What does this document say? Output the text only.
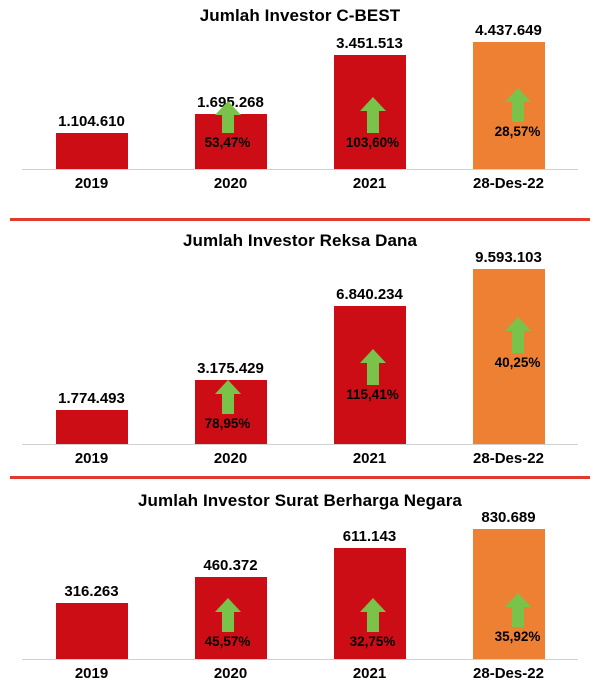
Jumlah Investor C-BEST
1.104.610
1.695.268
3.451.513
4.437.649
53,47%	103,60%
28,57%
2019	2020	2021	28-Des-22
Jumlah Investor Reksa Dana
1.774.493
3.175.429
6.840.234
9.593.103
78,95%
115,41%
40,25%
2019	2020	2021	28-Des-22
Jumlah Investor Surat Berharga Negara
316.263
460.372
611.143
830.689
45,57%	32,75%	35,92%
2019	2020	2021	28-Des-22
